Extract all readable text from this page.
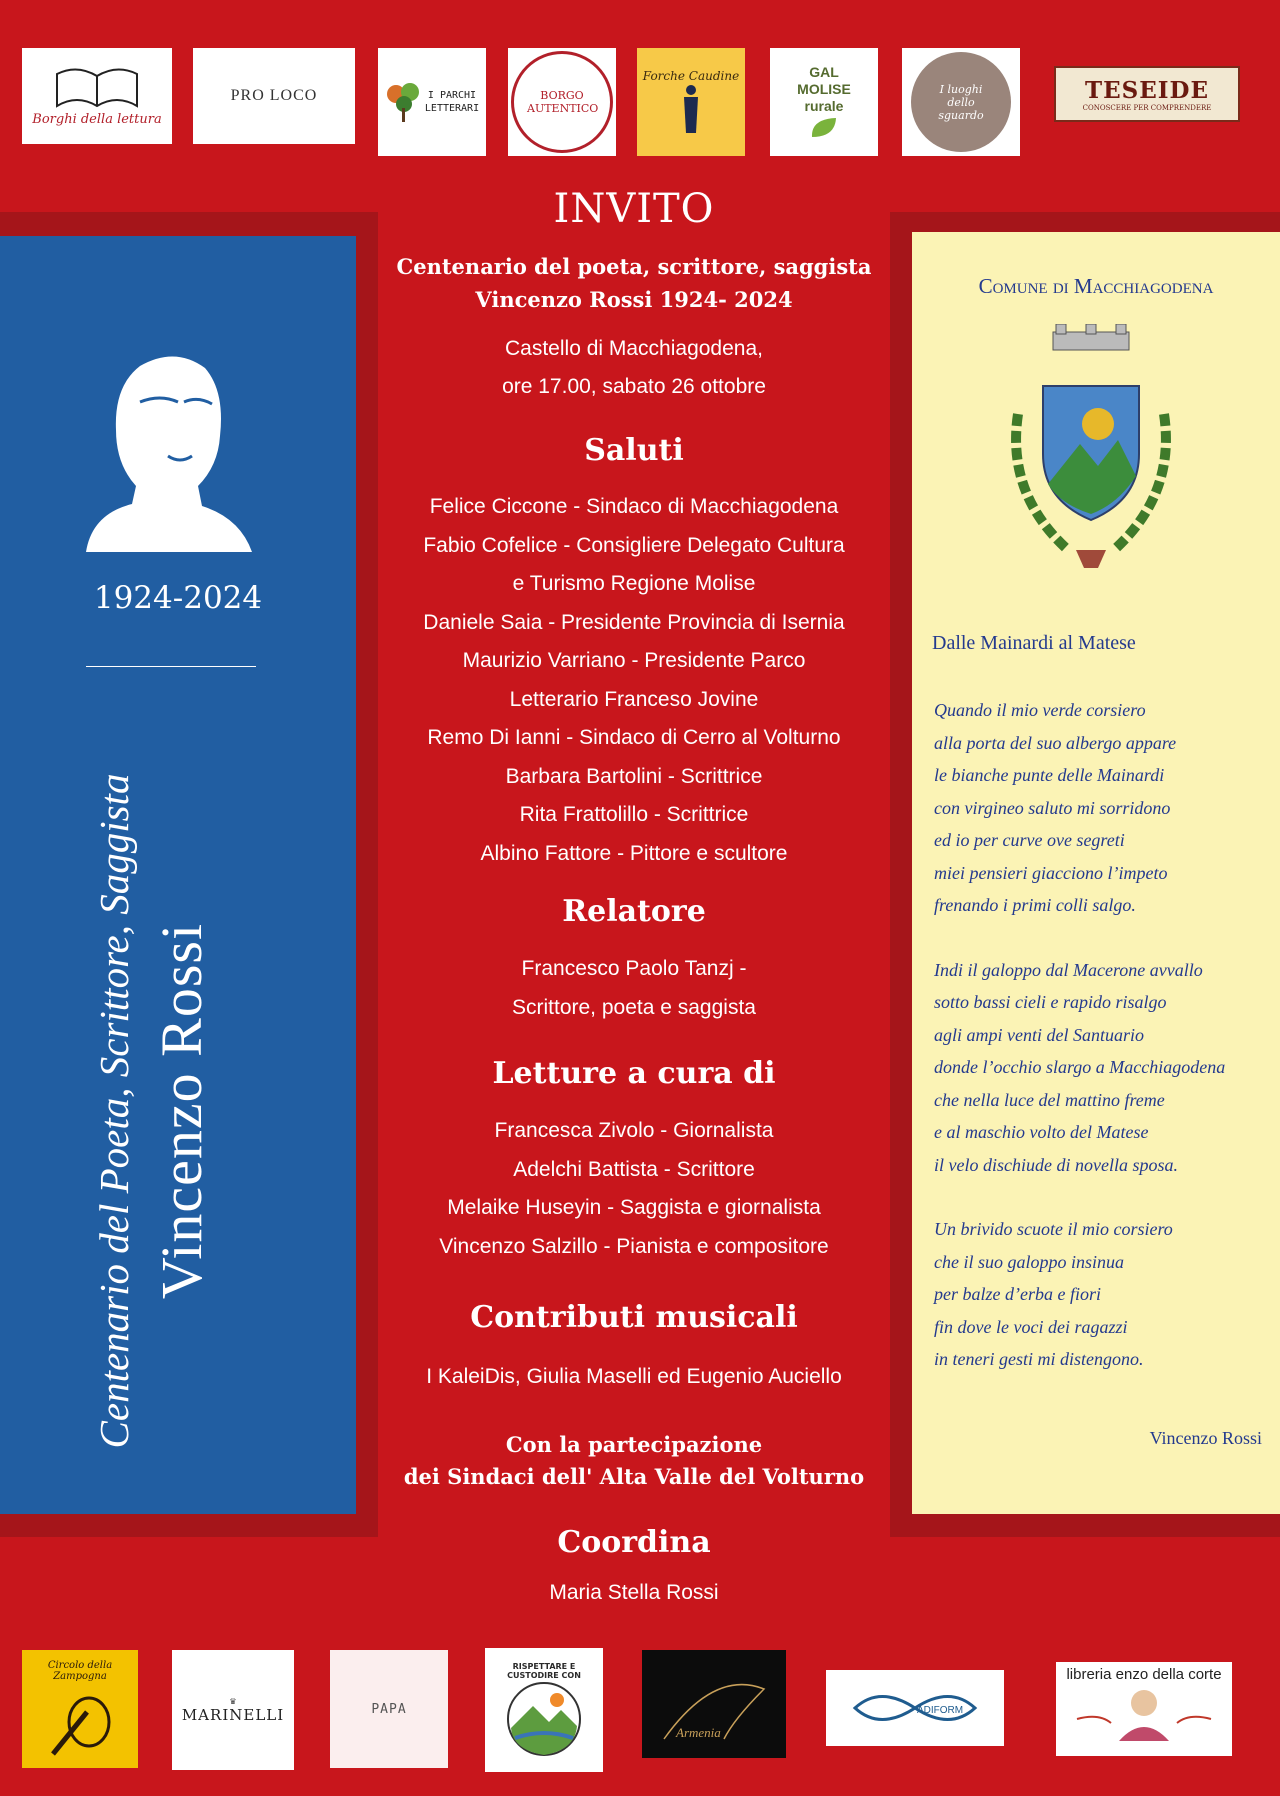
Borghi della lettura
PRO LOCO	I PARCHI LETTERARI
BORGO AUTENTICO
Forche Caudine	GAL MOLISE rurale
I luoghi dello sguardo
TESEIDE
CONOSCERE PER COMPRENDERE
1924-2024
Centenario del Poeta, Scrittore, Saggista Vincenzo Rossi
Comune di Macchiagodena
Dalle Mainardi al Matese
Quando il mio verde corsiero
alla porta del suo albergo appare
le bianche punte delle Mainardi
con virgineo saluto mi sorridono
ed io per curve ove segreti
miei pensieri giacciono l’impeto
frenando i primi colli salgo.
Indi il galoppo dal Macerone avvallo
sotto bassi cieli e rapido risalgo
agli ampi venti del Santuario
donde l’occhio slargo a Macchiagodena
che nella luce del mattino freme
e al maschio volto del Matese
il velo dischiude di novella sposa.
Un brivido scuote il mio corsiero
che il suo galoppo insinua
per balze d’erba e fiori
fin dove le voci dei ragazzi
in teneri gesti mi distengono.
Vincenzo Rossi
INVITO
Centenario del poeta, scrittore, saggista
Vincenzo Rossi 1924- 2024
Castello di Macchiagodena,
ore 17.00, sabato 26 ottobre
Saluti
Felice Ciccone - Sindaco di Macchiagodena
Fabio Cofelice - Consigliere Delegato Cultura
e Turismo Regione Molise
Daniele Saia - Presidente Provincia di Isernia
Maurizio Varriano - Presidente Parco
Letterario Franceso Jovine
Remo Di Ianni - Sindaco di Cerro al Volturno
Barbara Bartolini - Scrittrice
Rita Frattolillo - Scrittrice
Albino Fattore - Pittore e scultore
Relatore
Francesco Paolo Tanzj -
Scrittore, poeta e saggista
Letture a cura di
Francesca Zivolo - Giornalista
Adelchi Battista - Scrittore
Melaike Huseyin - Saggista e giornalista
Vincenzo Salzillo - Pianista e compositore
Contributi musicali
I KaleiDis, Giulia Maselli ed Eugenio Auciello
Con la partecipazione
dei Sindaci dell' Alta Valle del Volturno
Coordina
Maria Stella Rossi
Circolo della Zampogna
♛
MARINELLI	PAPA
RISPETTARE E CUSTODIRE CON
Armenia
ADIFORM
libreria enzo della corte
